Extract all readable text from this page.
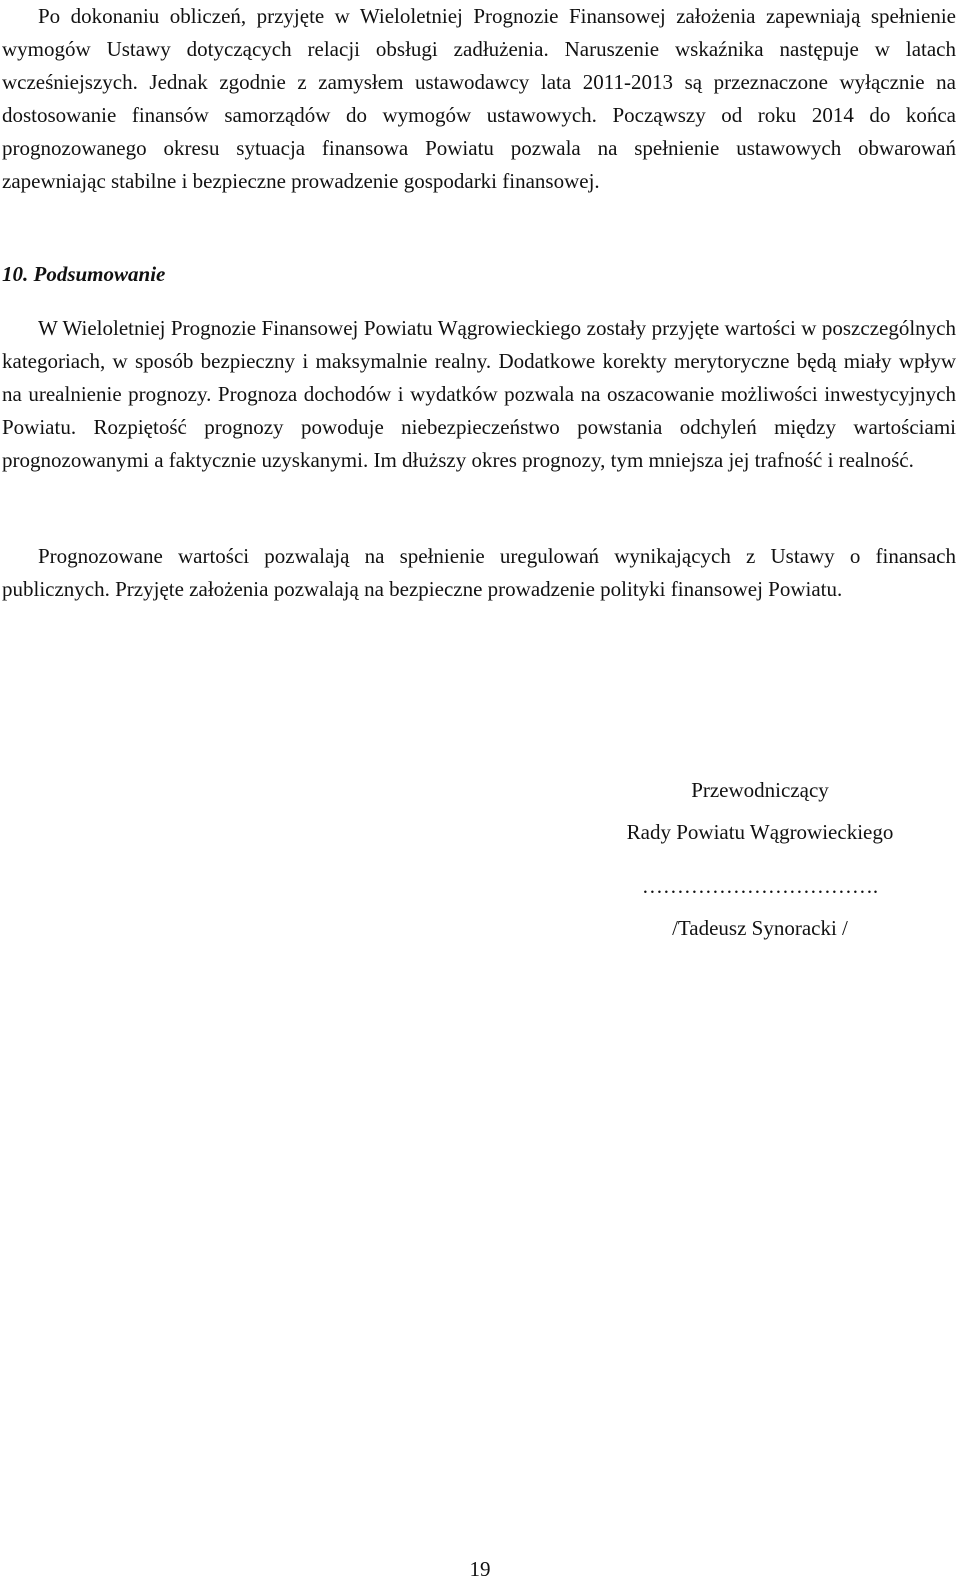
Po dokonaniu obliczeń, przyjęte w Wieloletniej Prognozie Finansowej założenia zapewniają spełnienie wymogów Ustawy dotyczących relacji obsługi zadłużenia. Naruszenie wskaźnika następuje w latach wcześniejszych. Jednak zgodnie z zamysłem ustawodawcy lata 2011-2013 są przeznaczone wyłącznie na dostosowanie finansów samorządów do wymogów ustawowych. Począwszy od roku 2014 do końca prognozowanego okresu sytuacja finansowa Powiatu pozwala na spełnienie ustawowych obwarowań zapewniając stabilne i bezpieczne prowadzenie gospodarki finansowej.

10. Podsumowanie

W Wieloletniej Prognozie Finansowej Powiatu Wągrowieckiego zostały przyjęte wartości w poszczególnych kategoriach, w sposób bezpieczny i maksymalnie realny. Dodatkowe korekty merytoryczne będą miały wpływ na urealnienie prognozy. Prognoza dochodów i wydatków pozwala na oszacowanie możliwości inwestycyjnych Powiatu. Rozpiętość prognozy powoduje niebezpieczeństwo powstania odchyleń między wartościami prognozowanymi a faktycznie uzyskanymi. Im dłuższy okres prognozy, tym mniejsza jej trafność i realność.

Prognozowane wartości pozwalają na spełnienie uregulowań wynikających z Ustawy o finansach publicznych. Przyjęte założenia pozwalają na bezpieczne prowadzenie polityki finansowej Powiatu.

Przewodniczący

Rady Powiatu Wągrowieckiego

…………………………….

/Tadeusz Synoracki /

19
